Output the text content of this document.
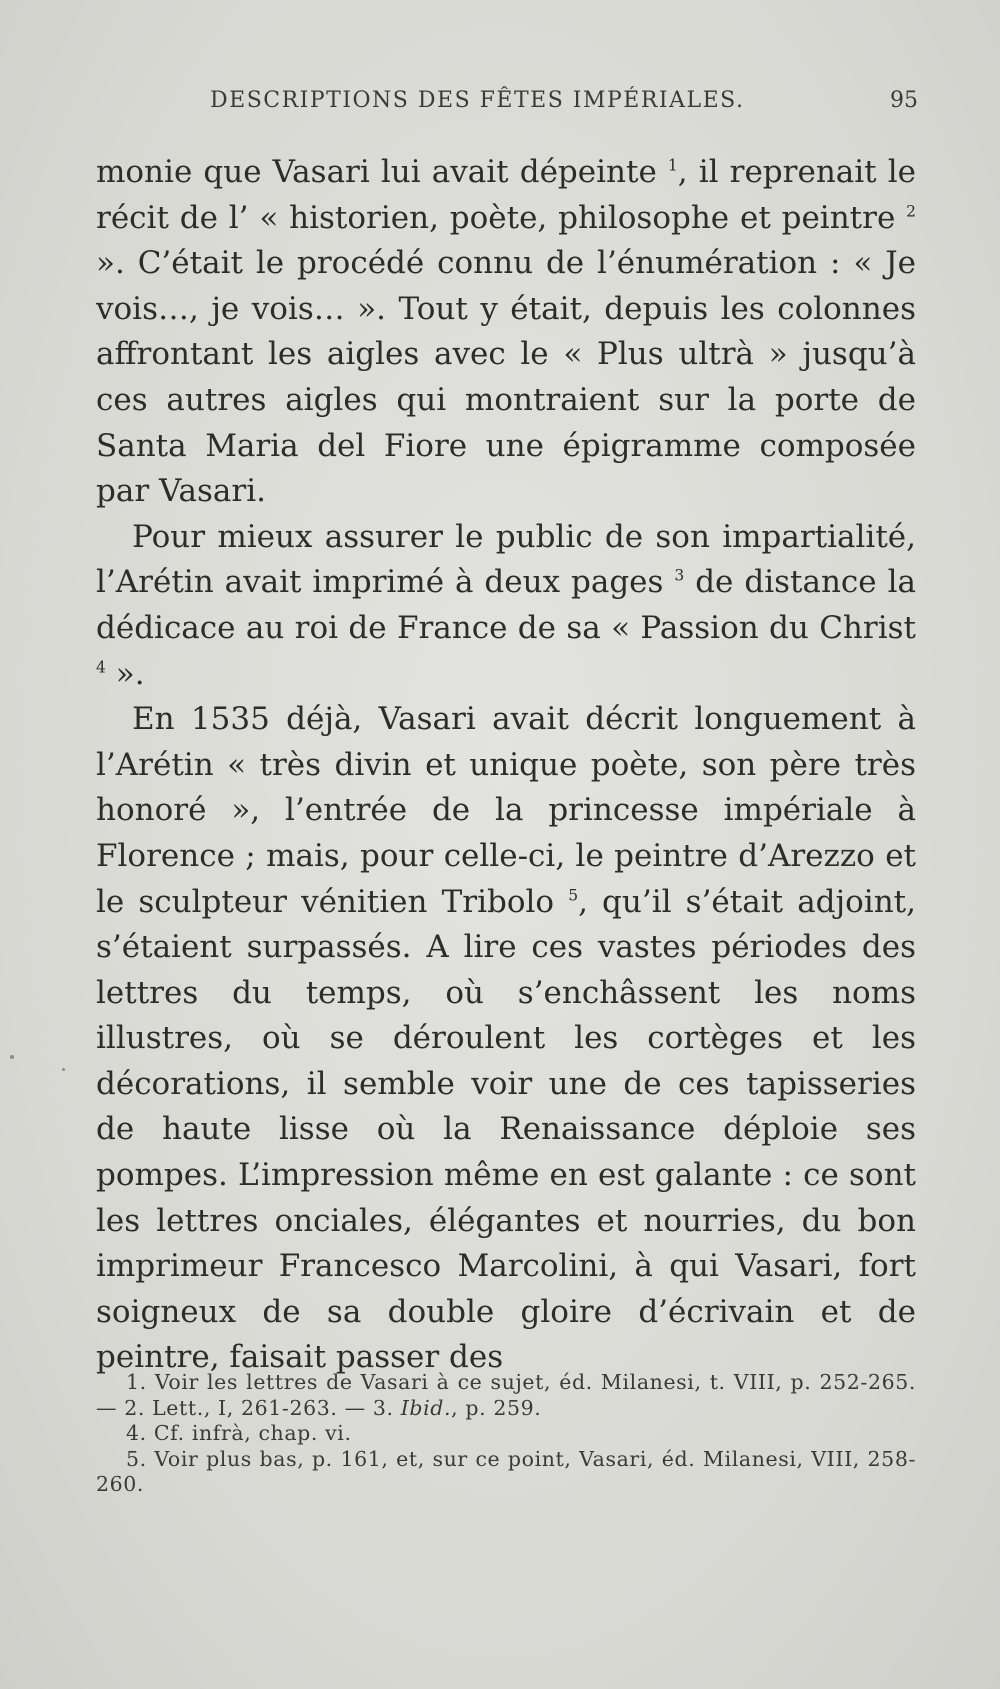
DESCRIPTIONS DES FÊTES IMPÉRIALES.	95

monie que Vasari lui avait dépeinte $^1$, il reprenait le récit de l’ « historien, poète, philosophe et peintre $^2$ ». C’était le procédé connu de l’énumération : « Je vois…, je vois… ». Tout y était, depuis les colonnes affrontant les aigles avec le « Plus ultrà » jusqu’à ces autres aigles qui montraient sur la porte de Santa Maria del Fiore une épigramme composée par Vasari.

Pour mieux assurer le public de son impartialité, l’Arétin avait imprimé à deux pages $^3$ de distance la dédicace au roi de France de sa « Passion du Christ $^4$ ».

En 1535 déjà, Vasari avait décrit longuement à l’Arétin « très divin et unique poète, son père très honoré », l’entrée de la princesse impériale à Florence ; mais, pour celle-ci, le peintre d’Arezzo et le sculpteur vénitien Tribolo $^5$, qu’il s’était adjoint, s’étaient surpassés. A lire ces vastes périodes des lettres du temps, où s’enchâssent les noms illustres, où se déroulent les cortèges et les décorations, il semble voir une de ces tapisseries de haute lisse où la Renaissance déploie ses pompes. L’impression même en est galante : ce sont les lettres onciales, élégantes et nourries, du bon imprimeur Francesco Marcolini, à qui Vasari, fort soigneux de sa double gloire d’écrivain et de peintre, faisait passer des

1. Voir les lettres de Vasari à ce sujet, éd. Milanesi, t. VIII, p. 252-265. — 2. Lett., I, 261-263. — 3. Ibid., p. 259.

4. Cf. infrà, chap. vi.

5. Voir plus bas, p. 161, et, sur ce point, Vasari, éd. Milanesi, VIII, 258-260.
